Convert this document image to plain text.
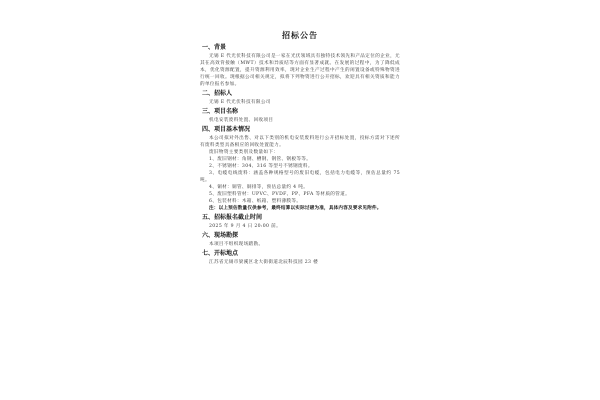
招标公告
一、背景

无锡 E 代光伏科技有限公司是一家在光伏领域具有独特技术领先和产品定位的企业，尤其在高效背接触（MWT）技术和异质结等方面有显著成就。在发展的过程中，为了降低成本，优化资源配置，提升资源利用效率，现对企业生产过程中产生的闲置设备或特殊物资进行统一回收。现根据公司相关规定，拟将下列物资进行公开招标，欢迎具有相关资质和能力的单位报名参加。

二、招标人

无锡 E 代光伏科技有限公司

三、项目名称

机电安装废料处置、回收项目

四、项目基本情况

本公司拟对外出售、对以下类别的机电安装废料进行公开招标处置，投标方需对下述所有废料类型具备相应的回收处置能力。

废旧物资主要类别及数量如下：

1、废旧钢材：角钢、槽钢、钢管、钢板等等。

2、不锈钢材：304、316 等型号不锈钢废料。

3、电缆电线废料：涵盖各种规格型号的废旧电缆，包括电力电缆等，预估总量约 75 吨。

4、铜材：铜管、铜排等，预估总量约 4 吨。

5、废旧塑料管材：UPVC、PVDF、PP、PFA 等材质的管道。

6、包装材料：木箱、纸箱、塑料薄膜等。

注：以上预估数量仅供参考，最终结算以实际过磅为准，具体内容及要求见附件。

五、招标报名截止时间

2025 年 9 月 4 日 20:00 前。

六、现场勘探

本项目不组织现场踏勘。

七、开标地点

江苏省无锡市梁溪区北大街街道北辰科技园 23 楼
